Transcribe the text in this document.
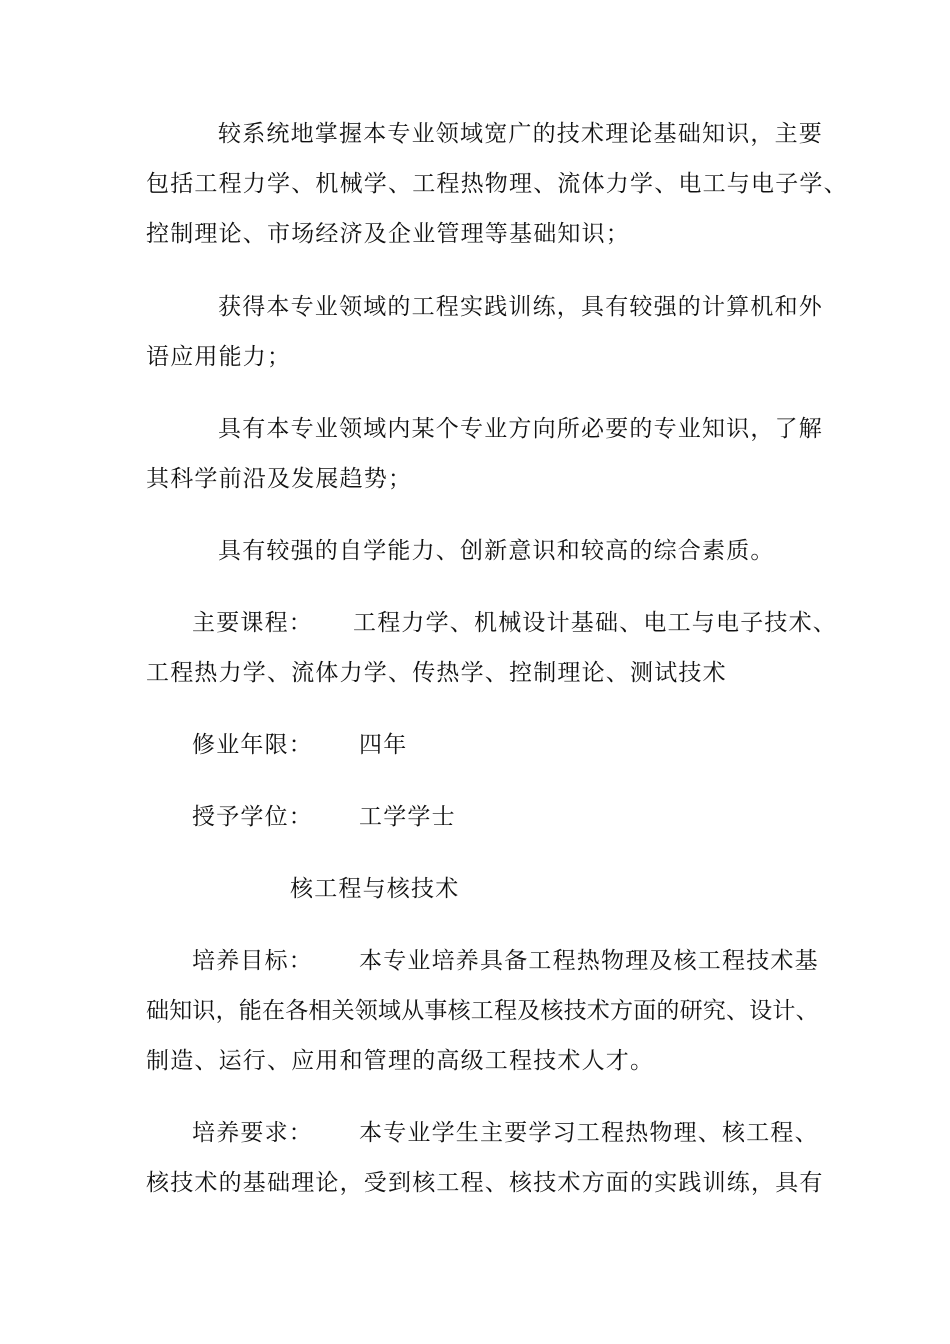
较系统地掌握本专业领域宽广的技术理论基础知识，主要
包括工程力学、机械学、工程热物理、流体力学、电工与电子学、
控制理论、市场经济及企业管理等基础知识；
获得本专业领域的工程实践训练，具有较强的计算机和外
语应用能力；
具有本专业领域内某个专业方向所必要的专业知识，了解
其科学前沿及发展趋势；
具有较强的自学能力、创新意识和较高的综合素质。
主要课程： 工程力学、机械设计基础、电工与电子技术、
工程热力学、流体力学、传热学、控制理论、测试技术
修业年限： 四年
授予学位： 工学学士
核工程与核技术
培养目标： 本专业培养具备工程热物理及核工程技术基
础知识，能在各相关领域从事核工程及核技术方面的研究、设计、
制造、运行、应用和管理的高级工程技术人才。
培养要求： 本专业学生主要学习工程热物理、核工程、
核技术的基础理论，受到核工程、核技术方面的实践训练，具有
